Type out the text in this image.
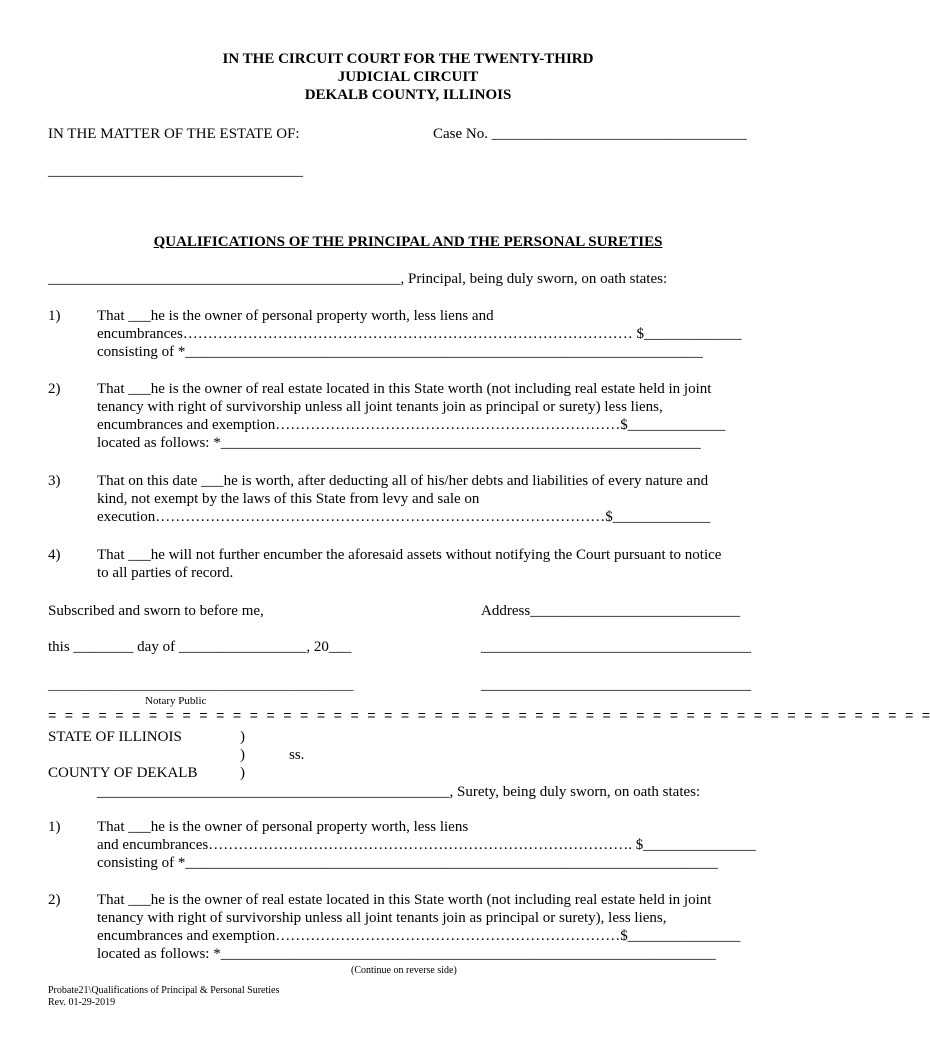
IN THE CIRCUIT COURT FOR THE TWENTY-THIRD
JUDICIAL CIRCUIT
DEKALB COUNTY, ILLINOIS
IN THE MATTER OF THE ESTATE OF:	Case No. __________________________________
__________________________________
QUALIFICATIONS OF THE PRINCIPAL AND THE PERSONAL SURETIES
_______________________________________________, Principal, being duly sworn, on oath states:
1) That ___he is the owner of personal property worth, less liens and
encumbrances……………………………………………………………………………… $_____________
consisting of *_____________________________________________________________________
2) That ___he is the owner of real estate located in this State worth (not including real estate held in joint
tenancy with right of survivorship unless all joint tenants join as principal or surety) less liens,
encumbrances and exemption……………………………………………………………$_____________
located as follows: *________________________________________________________________
3) That on this date ___he is worth, after deducting all of his/her debts and liabilities of every nature and
kind, not exempt by the laws of this State from levy and sale on
execution………………………………………………………………………………$_____________
4) That ___he will not further encumber the aforesaid assets without notifying the Court pursuant to notice
to all parties of record.
Subscribed and sworn to before me,	Address____________________________
this ________ day of _________________, 20___	____________________________________
_______________________________________________	____________________________________
Notary Public
= = = = = = = = = = = = = = = = = = = = = = = = = = = = = = = = = = = = = = = = = = = = = = = = = = = = =
STATE OF ILLINOIS	)
)	ss.
COUNTY OF DEKALB	)
_______________________________________________, Surety, being duly sworn, on oath states:
1) That ___he is the owner of personal property worth, less liens
and encumbrances…………………………………………………………………………. $_______________
consisting of *_______________________________________________________________________
2) That ___he is the owner of real estate located in this State worth (not including real estate held in joint
tenancy with right of survivorship unless all joint tenants join as principal or surety), less liens,
encumbrances and exemption……………………………………………………………$_______________
located as follows: *__________________________________________________________________
(Continue on reverse side)
Probate21\Qualifications of Principal & Personal Sureties
Rev. 01-29-2019
